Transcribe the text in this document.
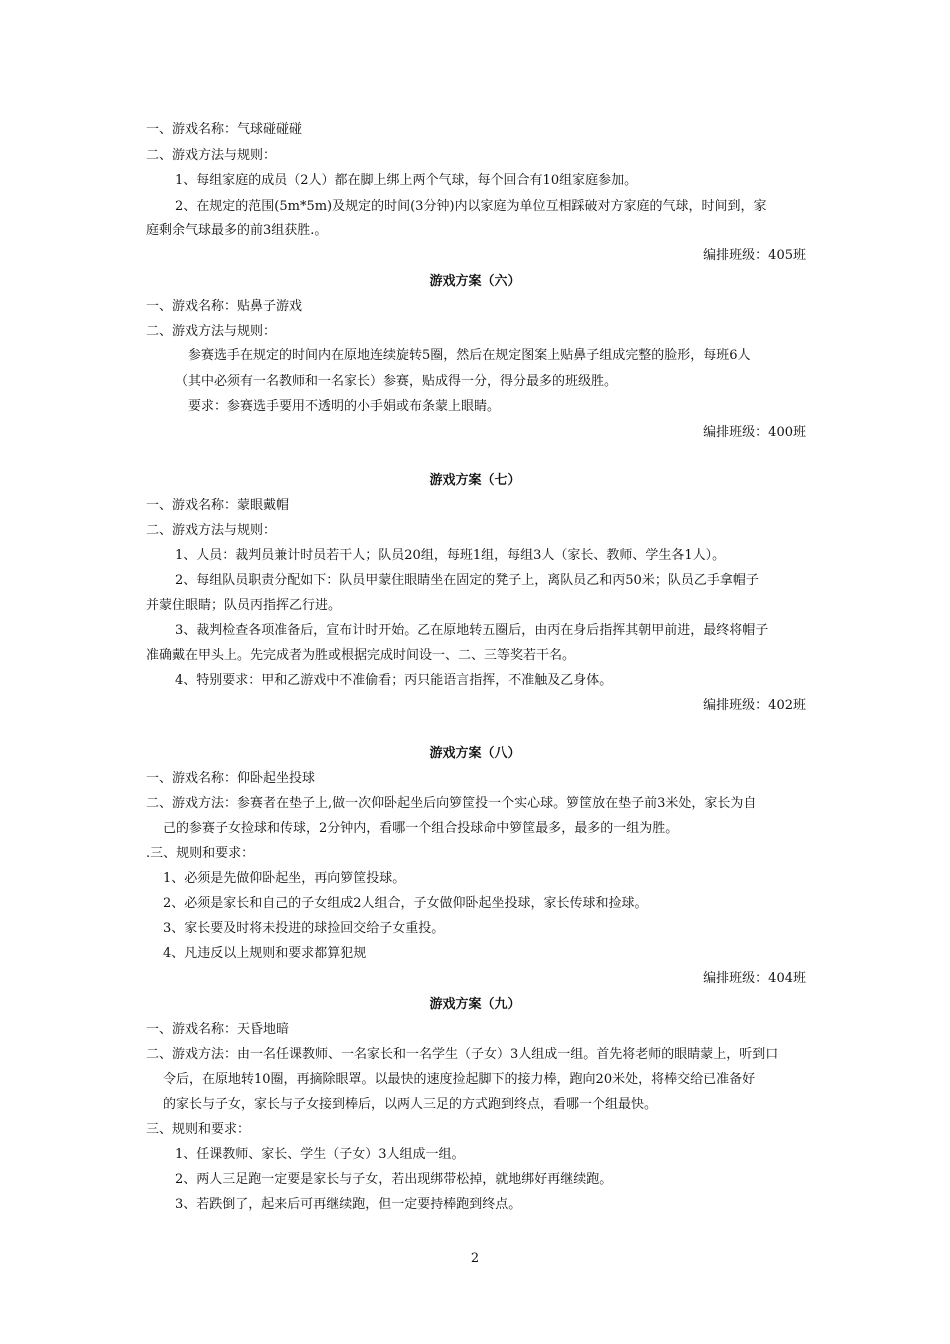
一、游戏名称：气球碰碰碰
二、游戏方法与规则：
1、每组家庭的成员（2人）都在脚上绑上两个气球，每个回合有10组家庭参加。
2、在规定的范围(5m*5m)及规定的时间(3分钟)内以家庭为单位互相踩破对方家庭的气球，时间到，家
庭剩余气球最多的前3组获胜.。
编排班级：405班
游戏方案（六）
一、游戏名称：贴鼻子游戏
二、游戏方法与规则：
参赛选手在规定的时间内在原地连续旋转5圈，然后在规定图案上贴鼻子组成完整的脸形，每班6人
（其中必须有一名教师和一名家长）参赛，贴成得一分，得分最多的班级胜。
要求：参赛选手要用不透明的小手娟或布条蒙上眼睛。
编排班级：400班
游戏方案（七）
一、游戏名称：蒙眼戴帽
二、游戏方法与规则：
1、人员：裁判员兼计时员若干人；队员20组，每班1组，每组3人（家长、教师、学生各1人）。
2、每组队员职责分配如下：队员甲蒙住眼睛坐在固定的凳子上，离队员乙和丙50米；队员乙手拿帽子
并蒙住眼睛；队员丙指挥乙行进。
3、裁判检查各项准备后，宣布计时开始。乙在原地转五圈后，由丙在身后指挥其朝甲前进，最终将帽子
准确戴在甲头上。先完成者为胜或根据完成时间设一、二、三等奖若干名。
4、特别要求：甲和乙游戏中不准偷看；丙只能语言指挥，不准触及乙身体。
编排班级：402班
游戏方案（八）
一、游戏名称：仰卧起坐投球
二、游戏方法：参赛者在垫子上,做一次仰卧起坐后向箩筐投一个实心球。箩筐放在垫子前3米处，家长为自
己的参赛子女捡球和传球，2分钟内，看哪一个组合投球命中箩筐最多，最多的一组为胜。
.三、规则和要求：
1、必须是先做仰卧起坐，再向箩筐投球。
2、必须是家长和自己的子女组成2人组合，子女做仰卧起坐投球，家长传球和捡球。
3、家长要及时将未投进的球捡回交给子女重投。
4、凡违反以上规则和要求都算犯规
编排班级：404班
游戏方案（九）
一、游戏名称：天昏地暗
二、游戏方法：由一名任课教师、一名家长和一名学生（子女）3人组成一组。首先将老师的眼睛蒙上，听到口
令后，在原地转10圈，再摘除眼罩。以最快的速度捡起脚下的接力棒，跑向20米处，将棒交给已准备好
的家长与子女，家长与子女接到棒后，以两人三足的方式跑到终点，看哪一个组最快。
三、规则和要求：
1、任课教师、家长、学生（子女）3人组成一组。
2、两人三足跑一定要是家长与子女，若出现绑带松掉，就地绑好再继续跑。
3、若跌倒了，起来后可再继续跑，但一定要持棒跑到终点。
2
